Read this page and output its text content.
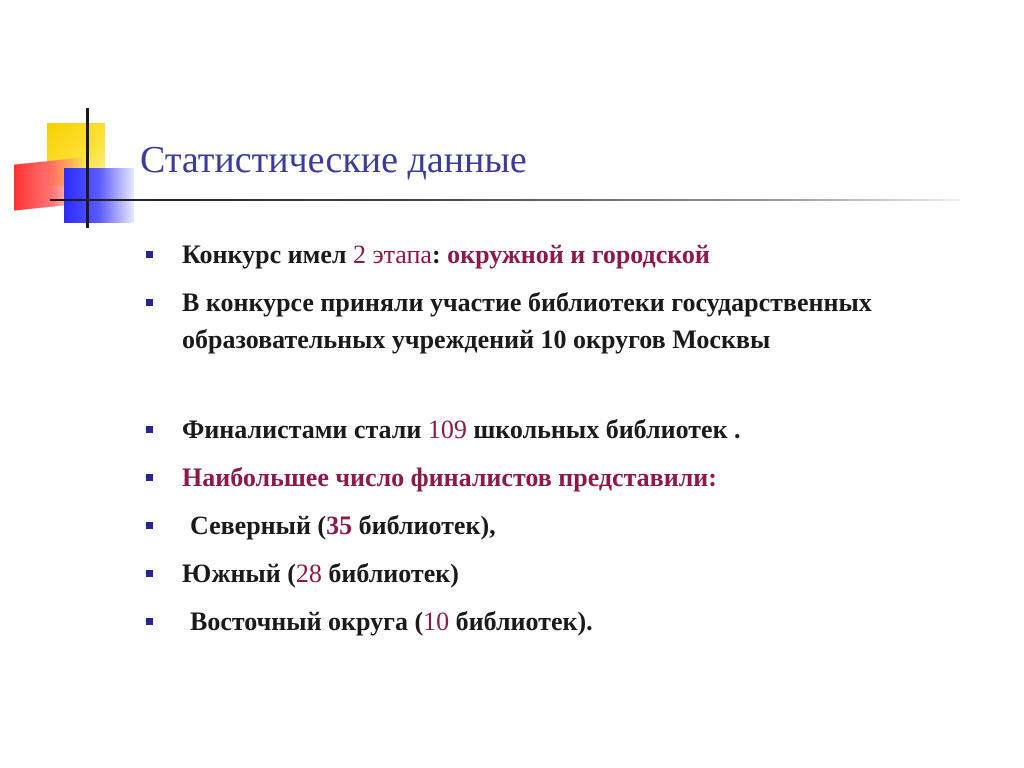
Статистические данные
Конкурс имел 2 этапа: окружной и городской
В конкурсе приняли участие библиотеки государственных образовательных учреждений 10 округов Москвы
Финалистами стали 109 школьных библиотек .
Наибольшее число финалистов представили:
Северный (35 библиотек),
Южный (28 библиотек)
Восточный округа (10 библиотек).
